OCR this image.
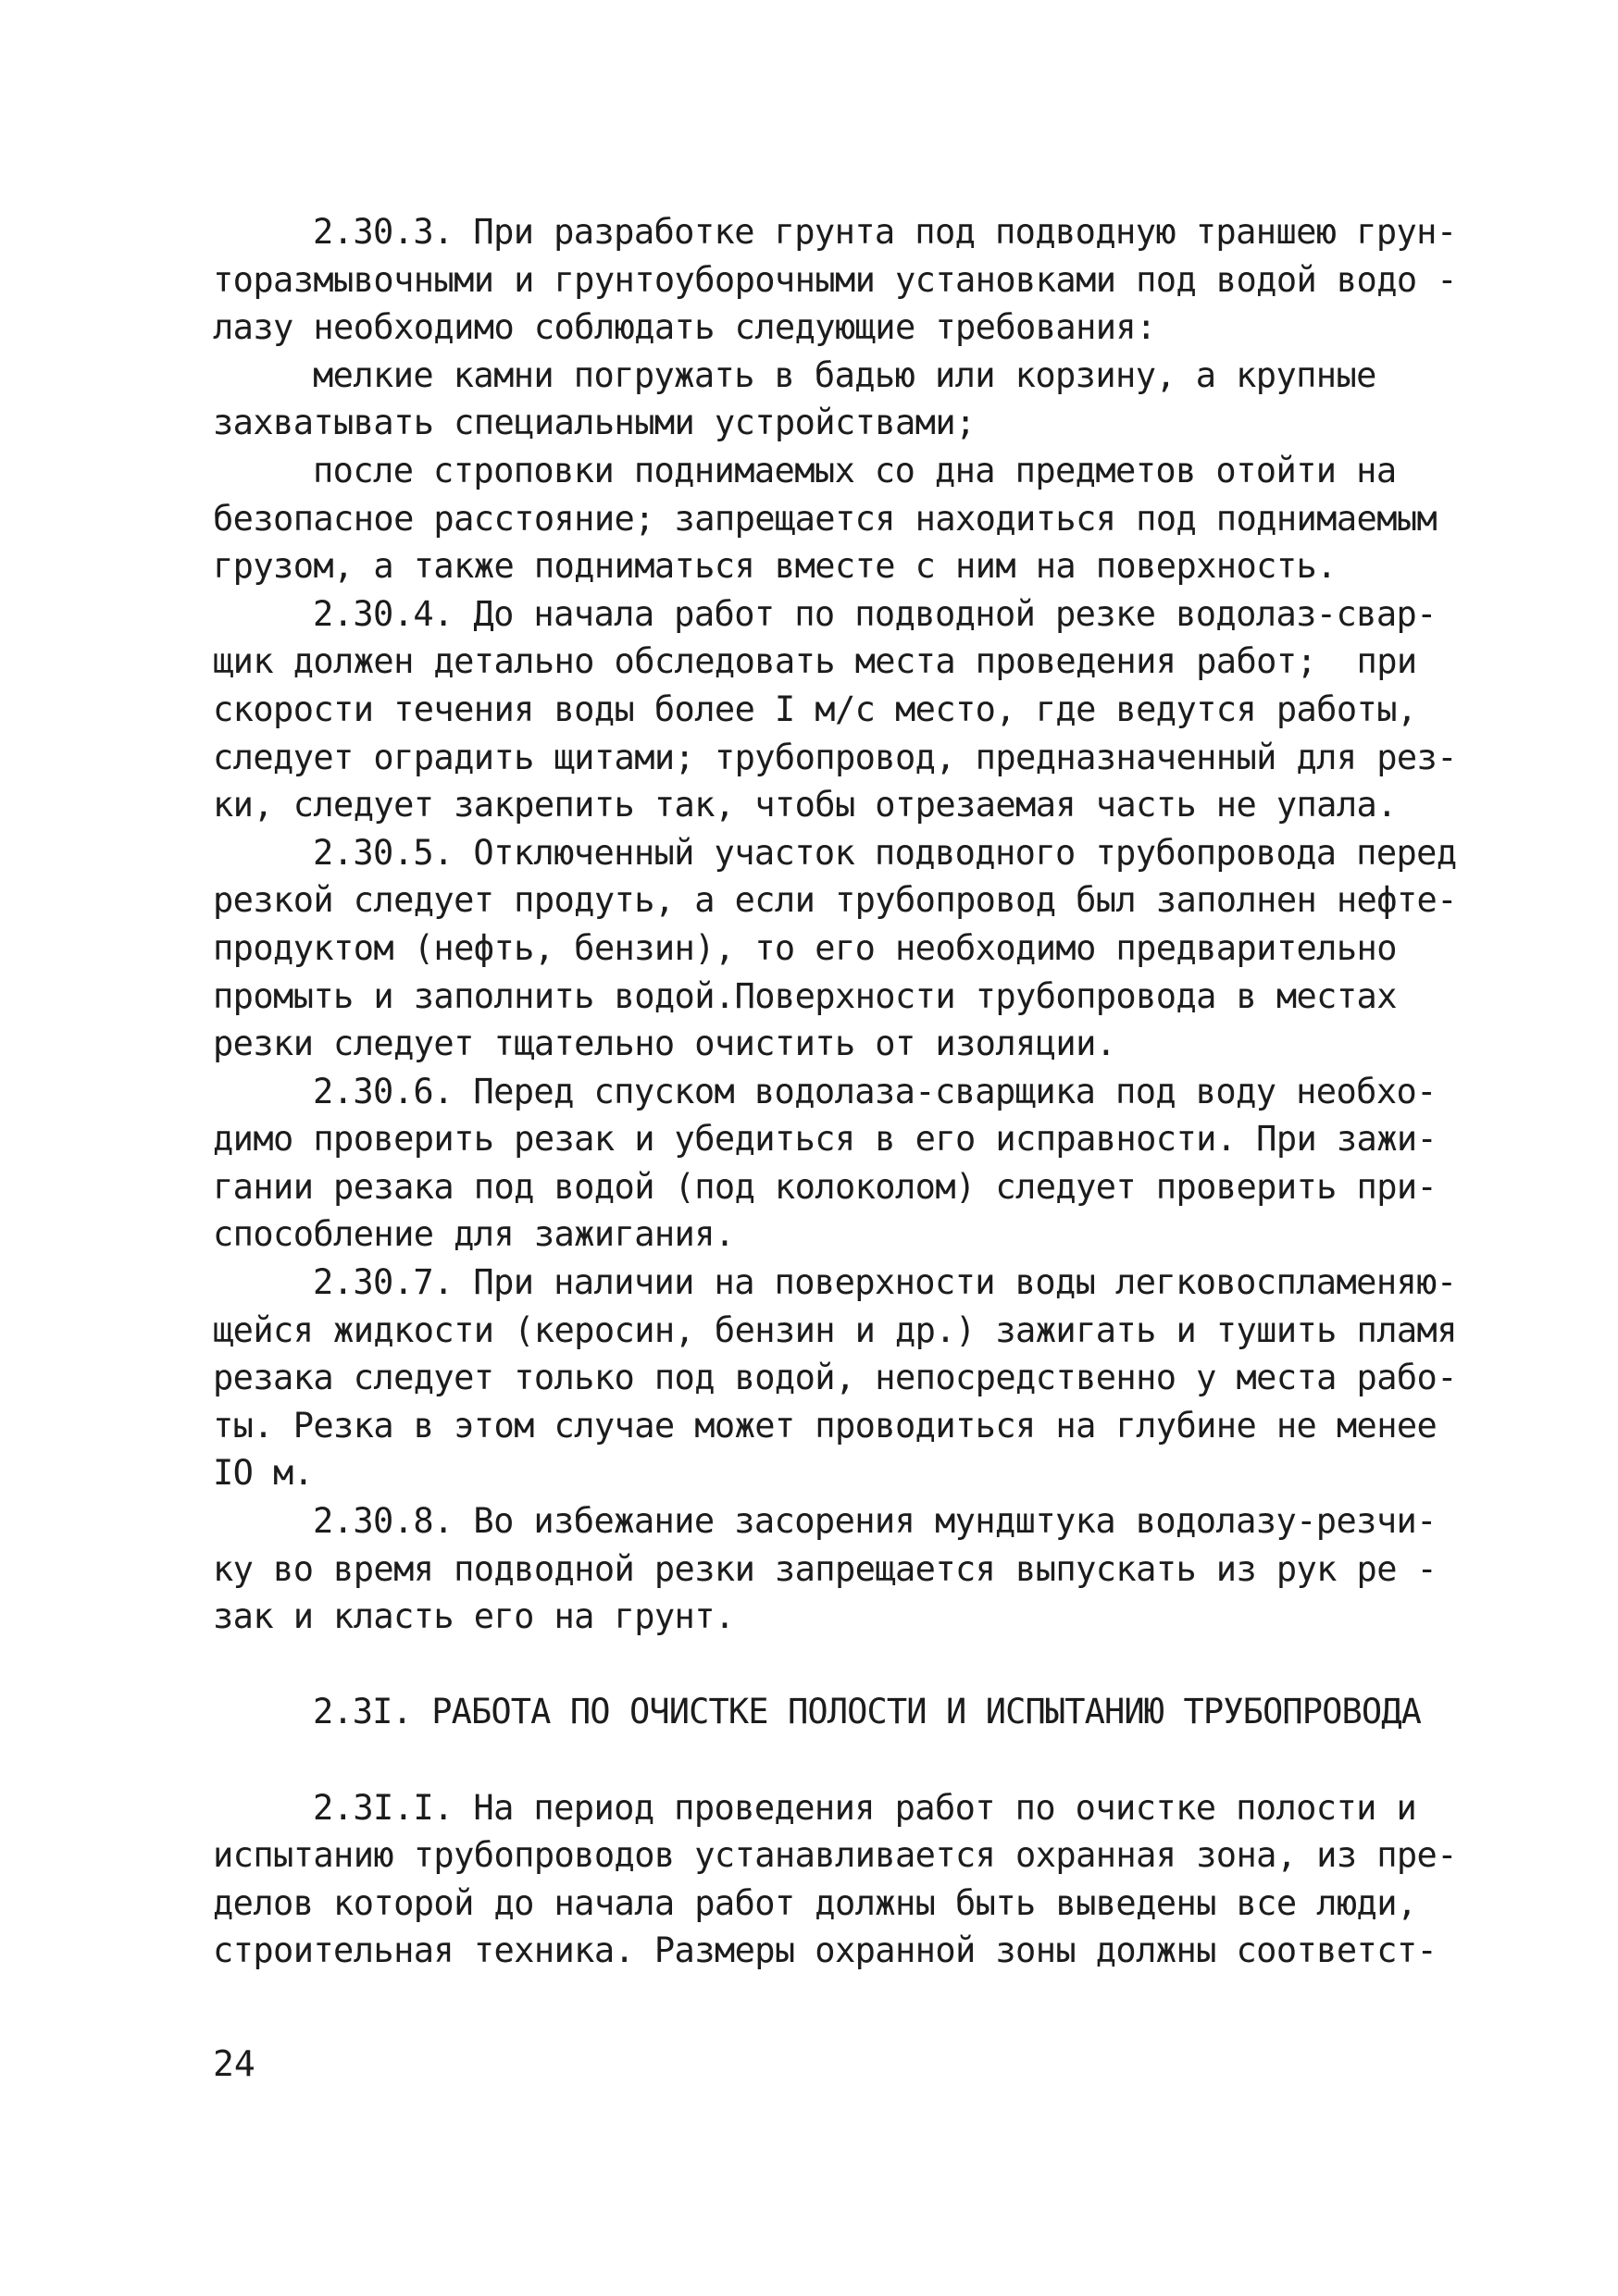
2.30.3. При разработке грунта под подводную траншею грун-
торазмывочными и грунтоуборочными установками под водой водо -
лазу необходимо соблюдать следующие требования:
мелкие камни погружать в бадью или корзину, а крупные
захватывать специальными устройствами;
после строповки поднимаемых со дна предметов отойти на
безопасное расстояние; запрещается находиться под поднимаемым
грузом, а также подниматься вместе с ним на поверхность.
2.30.4. До начала работ по подводной резке водолаз-свар-
щик должен детально обследовать места проведения работ;  при
скорости течения воды более I м/с место, где ведутся работы,
следует оградить щитами; трубопровод, предназначенный для рез-
ки, следует закрепить так, чтобы отрезаемая часть не упала.
2.30.5. Отключенный участок подводного трубопровода перед
резкой следует продуть, а если трубопровод был заполнен нефте-
продуктом (нефть, бензин), то его необходимо предварительно
промыть и заполнить водой.Поверхности трубопровода в местах
резки следует тщательно очистить от изоляции.
2.30.6. Перед спуском водолаза-сварщика под воду необхо-
димо проверить резак и убедиться в его исправности. При зажи-
гании резака под водой (под колоколом) следует проверить при-
способление для зажигания.
2.30.7. При наличии на поверхности воды легковоспламеняю-
щейся жидкости (керосин, бензин и др.) зажигать и тушить пламя
резака следует только под водой, непосредственно у места рабо-
ты. Резка в этом случае может проводиться на глубине не менее
IO м.
2.30.8. Во избежание засорения мундштука водолазу-резчи-
ку во время подводной резки запрещается выпускать из рук ре -
зак и класть его на грунт.
2.3I. РАБОТА ПО ОЧИСТКЕ ПОЛОСТИ И ИСПЫТАНИЮ ТРУБОПРОВОДА
2.3I.I. На период проведения работ по очистке полости и
испытанию трубопроводов устанавливается охранная зона, из пре-
делов которой до начала работ должны быть выведены все люди,
строительная техника. Размеры охранной зоны должны соответст-
24
